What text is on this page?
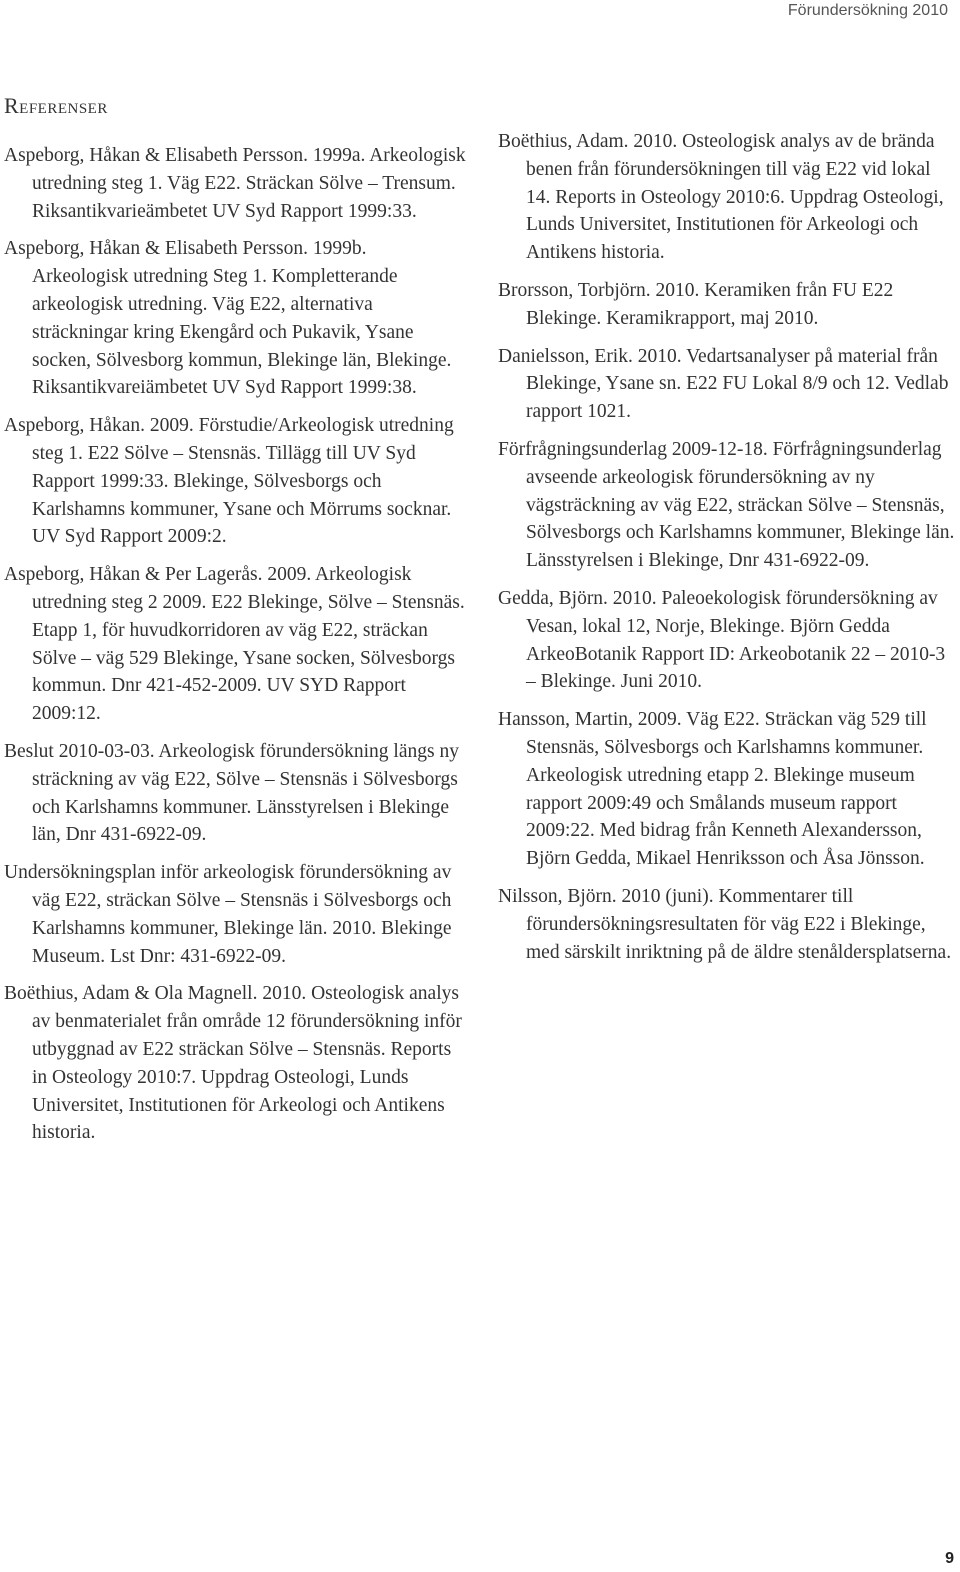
Förundersökning 2010
Referenser

Aspeborg, Håkan & Elisabeth Persson. 1999a. Arkeologisk utredning steg 1. Väg E22. Sträckan Sölve – Trensum. Riksantikvarieämbetet UV Syd Rapport 1999:33.

Aspeborg, Håkan & Elisabeth Persson. 1999b. Arkeologisk utredning Steg 1. Kompletterande arkeologisk utredning. Väg E22, alternativa sträckningar kring Ekengård och Pukavik, Ysane socken, Sölvesborg kommun, Blekinge län, Blekinge. Riksantikvareiämbetet UV Syd Rapport 1999:38.

Aspeborg, Håkan. 2009. Förstudie/Arkeologisk utredning steg 1. E22 Sölve – Stensnäs. Tillägg till UV Syd Rapport 1999:33. Blekinge, Sölvesborgs och Karlshamns kommuner, Ysane och Mörrums socknar. UV Syd Rapport 2009:2.

Aspeborg, Håkan & Per Lagerås. 2009. Arkeologisk utredning steg 2 2009. E22 Blekinge, Sölve – Stensnäs. Etapp 1, för huvudkorridoren av väg E22, sträckan Sölve – väg 529 Blekinge, Ysane socken, Sölvesborgs kommun. Dnr 421-452-2009. UV SYD Rapport 2009:12.

Beslut 2010-03-03. Arkeologisk förundersökning längs ny sträckning av väg E22, Sölve – Stensnäs i Sölvesborgs och Karlshamns kommuner. Länsstyrelsen i Blekinge län, Dnr 431-6922-09.

Undersökningsplan inför arkeologisk förundersökning av väg E22, sträckan Sölve – Stensnäs i Sölvesborgs och Karlshamns kommuner, Blekinge län. 2010. Blekinge Museum. Lst Dnr: 431-6922-09.

Boëthius, Adam & Ola Magnell. 2010. Osteologisk analys av benmaterialet från område 12 förundersökning inför utbyggnad av E22 sträckan Sölve – Stensnäs. Reports in Osteology 2010:7. Uppdrag Osteologi, Lunds Universitet, Institutionen för Arkeologi och Antikens historia.

Boëthius, Adam. 2010. Osteologisk analys av de brända benen från förundersökningen till väg E22 vid lokal 14. Reports in Osteology 2010:6. Uppdrag Osteologi, Lunds Universitet, Institutionen för Arkeologi och Antikens historia.

Brorsson, Torbjörn. 2010. Keramiken från FU E22 Blekinge. Keramikrapport, maj 2010.

Danielsson, Erik. 2010. Vedartsanalyser på material från Blekinge, Ysane sn. E22 FU Lokal 8/9 och 12. Vedlab rapport 1021.

Förfrågningsunderlag 2009-12-18. Förfrågningsunderlag avseende arkeologisk förundersökning av ny vägsträckning av väg E22, sträckan Sölve – Stensnäs, Sölvesborgs och Karlshamns kommuner, Blekinge län. Länsstyrelsen i Blekinge, Dnr 431-6922-09.

Gedda, Björn. 2010. Paleoekologisk förundersökning av Vesan, lokal 12, Norje, Blekinge. Björn Gedda ArkeoBotanik Rapport ID: Arkeobotanik 22 – 2010-3 – Blekinge. Juni 2010.

Hansson, Martin, 2009. Väg E22. Sträckan väg 529 till Stensnäs, Sölvesborgs och Karlshamns kommuner. Arkeologisk utredning etapp 2. Blekinge museum rapport 2009:49 och Smålands museum rapport 2009:22. Med bidrag från Kenneth Alexandersson, Björn Gedda, Mikael Henriksson och Åsa Jönsson.

Nilsson, Björn. 2010 (juni). Kommentarer till förundersökningsresultaten för väg E22 i Blekinge, med särskilt inriktning på de äldre stenåldersplatserna.

9
